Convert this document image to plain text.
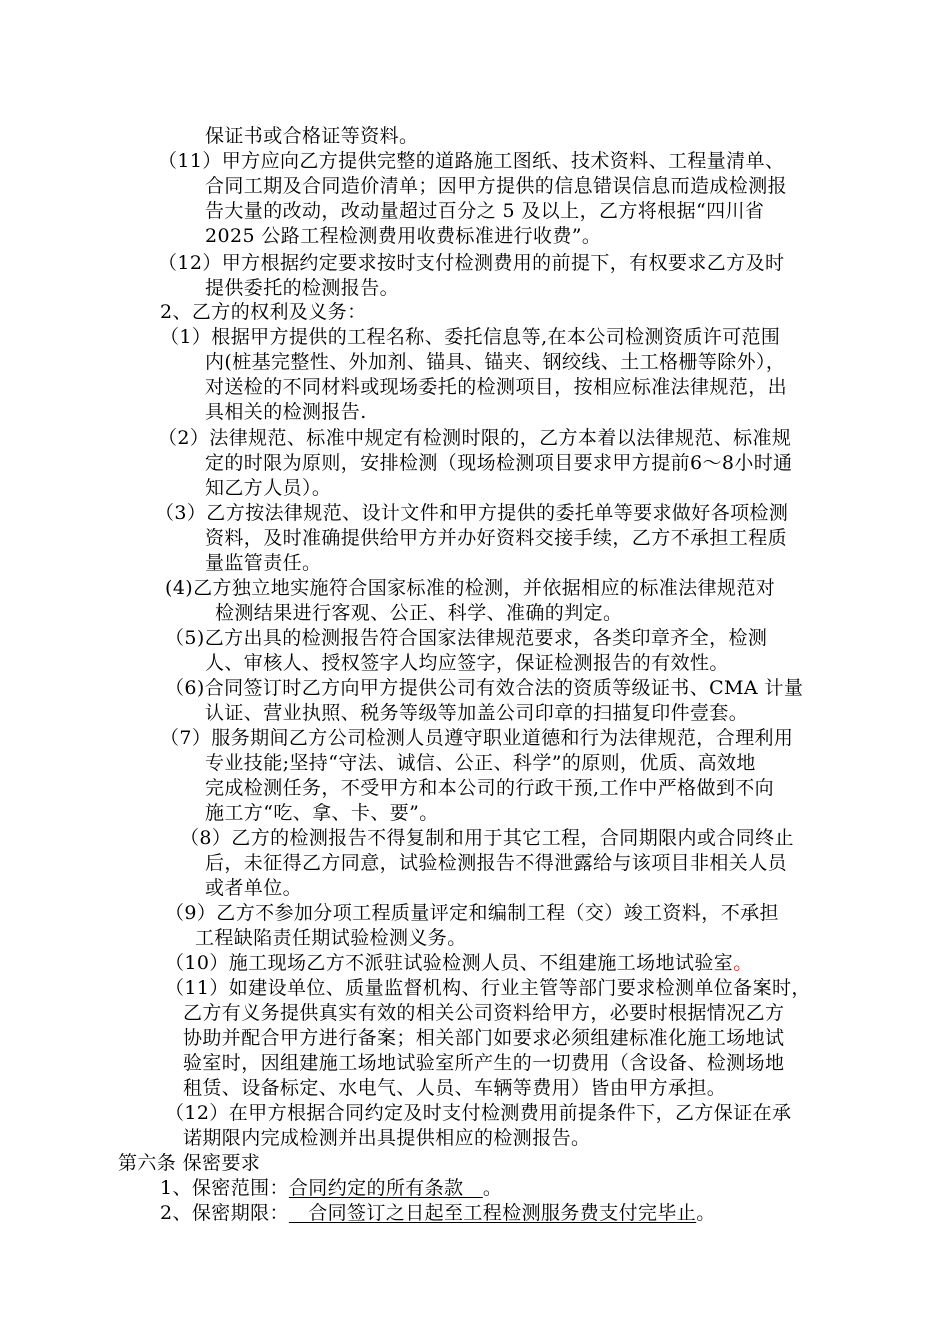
保证书或合格证等资料。
（11）甲方应向乙方提供完整的道路施工图纸、技术资料、工程量清单、
合同工期及合同造价清单；因甲方提供的信息错误信息而造成检测报
告大量的改动，改动量超过百分之 5 及以上，乙方将根据“四川省
2025 公路工程检测费用收费标准进行收费”。
（12）甲方根据约定要求按时支付检测费用的前提下，有权要求乙方及时
提供委托的检测报告。
2、乙方的权利及义务：
（1）根据甲方提供的工程名称、委托信息等,在本公司检测资质许可范围
内(桩基完整性、外加剂、锚具、锚夹、钢绞线、土工格栅等除外），
对送检的不同材料或现场委托的检测项目，按相应标准法律规范，出
具相关的检测报告.
（2）法律规范、标准中规定有检测时限的，乙方本着以法律规范、标准规
定的时限为原则，安排检测（现场检测项目要求甲方提前6～8小时通
知乙方人员）。
（3）乙方按法律规范、设计文件和甲方提供的委托单等要求做好各项检测
资料，及时准确提供给甲方并办好资料交接手续，乙方不承担工程质
量监管责任。
(4)乙方独立地实施符合国家标准的检测，并依据相应的标准法律规范对
检测结果进行客观、公正、科学、准确的判定。
（5)乙方出具的检测报告符合国家法律规范要求，各类印章齐全，检测
人、审核人、授权签字人均应签字，保证检测报告的有效性。
（6)合同签订时乙方向甲方提供公司有效合法的资质等级证书、CMA 计量
认证、营业执照、税务等级等加盖公司印章的扫描复印件壹套。
（7）服务期间乙方公司检测人员遵守职业道德和行为法律规范，合理利用
专业技能;坚持“守法、诚信、公正、科学”的原则，优质、高效地
完成检测任务，不受甲方和本公司的行政干预,工作中严格做到不向
施工方“吃、拿、卡、要”。
（8）乙方的检测报告不得复制和用于其它工程，合同期限内或合同终止
后，未征得乙方同意，试验检测报告不得泄露给与该项目非相关人员
或者单位。
（9）乙方不参加分项工程质量评定和编制工程（交）竣工资料，不承担
工程缺陷责任期试验检测义务。
（10）施工现场乙方不派驻试验检测人员、不组建施工场地试验室。
（11）如建设单位、质量监督机构、行业主管等部门要求检测单位备案时，
乙方有义务提供真实有效的相关公司资料给甲方，必要时根据情况乙方
协助并配合甲方进行备案；相关部门如要求必须组建标准化施工场地试
验室时，因组建施工场地试验室所产生的一切费用（含设备、检测场地
租赁、设备标定、水电气、人员、车辆等费用）皆由甲方承担。
（12）在甲方根据合同约定及时支付检测费用前提条件下，乙方保证在承
诺期限内完成检测并出具提供相应的检测报告。
第六条 保密要求
1、保密范围：合同约定的所有条款   。
2、保密期限：   合同签订之日起至工程检测服务费支付完毕止。
